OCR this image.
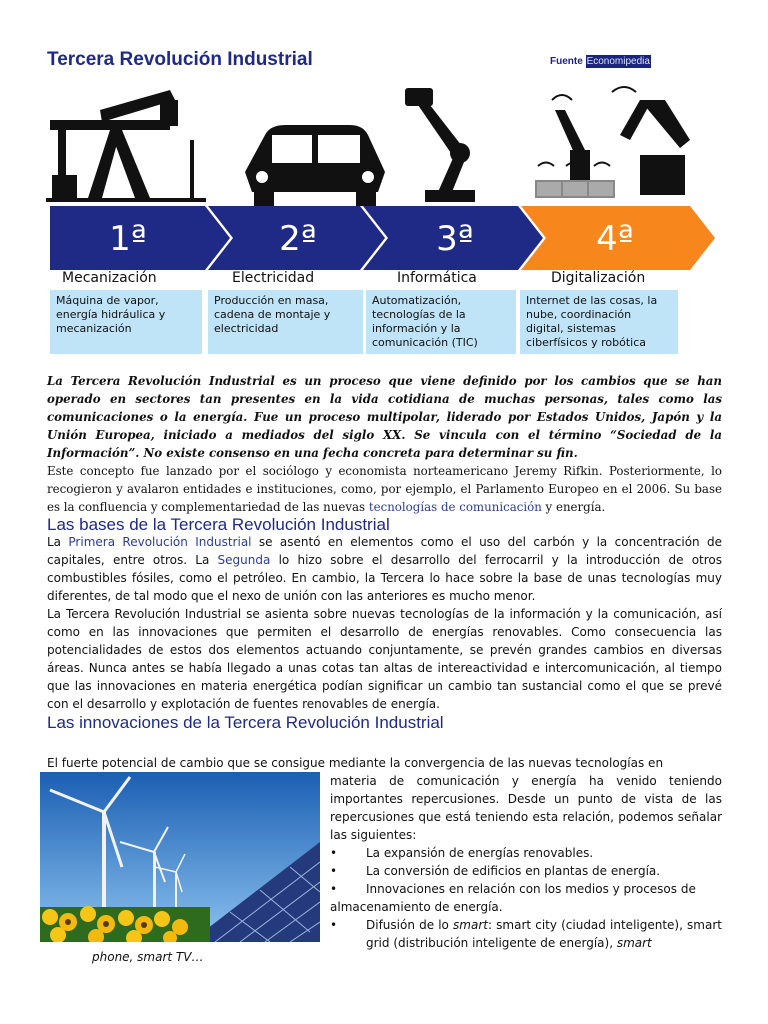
Tercera Revolución Industrial	Fuente Economipedia
1ª	2ª	3ª	4ª
Mecanización	Electricidad	Informática	Digitalización
Máquina de vapor, energía hidráulica y mecanización
Producción en masa, cadena de montaje y electricidad
Automatización, tecnologías de la información y la comunicación (TIC)
Internet de las cosas, la nube, coordinación digital, sistemas ciberfísicos y robótica
La Tercera Revolución Industrial es un proceso que viene definido por los cambios que se han operado en sectores tan presentes en la vida cotidiana de muchas personas, tales como las comunicaciones o la energía. Fue un proceso multipolar, liderado por Estados Unidos, Japón y la Unión Europea, iniciado a mediados del siglo XX. Se vincula con el término “Sociedad de la Información”. No existe consenso en una fecha concreta para determinar su fin.
Este concepto fue lanzado por el sociólogo y economista norteamericano Jeremy Rifkin. Posteriormente, lo recogieron y avalaron entidades e instituciones, como, por ejemplo, el Parlamento Europeo en el 2006. Su base es la confluencia y complementariedad de las nuevas tecnologías de comunicación y energía.
Las bases de la Tercera Revolución Industrial
La Primera Revolución Industrial se asentó en elementos como el uso del carbón y la concentración de capitales, entre otros. La Segunda lo hizo sobre el desarrollo del ferrocarril y la introducción de otros combustibles fósiles, como el petróleo. En cambio, la Tercera lo hace sobre la base de unas tecnologías muy diferentes, de tal modo que el nexo de unión con las anteriores es mucho menor.
La Tercera Revolución Industrial se asienta sobre nuevas tecnologías de la información y la comunicación, así como en las innovaciones que permiten el desarrollo de energías renovables. Como consecuencia las potencialidades de estos dos elementos actuando conjuntamente, se prevén grandes cambios en diversas áreas. Nunca antes se había llegado a unas cotas tan altas de intereactividad e intercomunicación, al tiempo que las innovaciones en materia energética podían significar un cambio tan sustancial como el que se prevé con el desarrollo y explotación de fuentes renovables de energía.
Las innovaciones de la Tercera Revolución Industrial
El fuerte potencial de cambio que se consigue mediante la convergencia de las nuevas tecnologías en
materia de comunicación y energía ha venido teniendo importantes repercusiones. Desde un punto de vista de las repercusiones que está teniendo esta relación, podemos señalar las siguientes:
•	La expansión de energías renovables.
•	La conversión de edificios en plantas de energía.
•	Innovaciones en relación con los medios y procesos de
almacenamiento de energía.
•	Difusión de lo smart: smart city (ciudad inteligente), smart grid (distribución inteligente de energía), smart
phone, smart TV…
